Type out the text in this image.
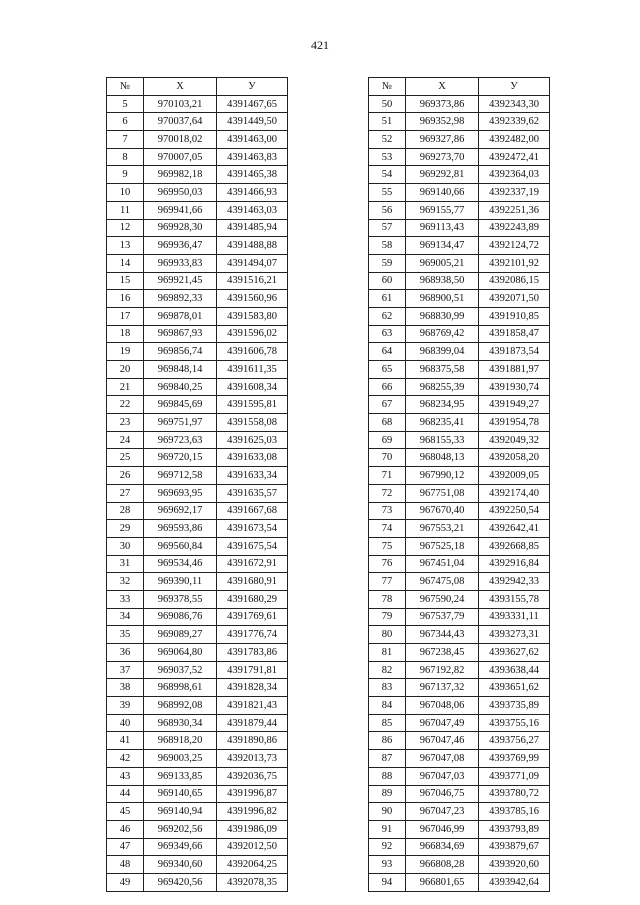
421
№	X	У
5	970103,21	4391467,65
6	970037,64	4391449,50
7	970018,02	4391463,00
8	970007,05	4391463,83
9	969982,18	4391465,38
10	969950,03	4391466,93
11	969941,66	4391463,03
12	969928,30	4391485,94
13	969936,47	4391488,88
14	969933,83	4391494,07
15	969921,45	4391516,21
16	969892,33	4391560,96
17	969878,01	4391583,80
18	969867,93	4391596,02
19	969856,74	4391606,78
20	969848,14	4391611,35
21	969840,25	4391608,34
22	969845,69	4391595,81
23	969751,97	4391558,08
24	969723,63	4391625,03
25	969720,15	4391633,08
26	969712,58	4391633,34
27	969693,95	4391635,57
28	969692,17	4391667,68
29	969593,86	4391673,54
30	969560,84	4391675,54
31	969534,46	4391672,91
32	969390,11	4391680,91
33	969378,55	4391680,29
34	969086,76	4391769,61
35	969089,27	4391776,74
36	969064,80	4391783,86
37	969037,52	4391791,81
38	968998,61	4391828,34
39	968992,08	4391821,43
40	968930,34	4391879,44
41	968918,20	4391890,86
42	969003,25	4392013,73
43	969133,85	4392036,75
44	969140,65	4391996,87
45	969140,94	4391996,82
46	969202,56	4391986,09
47	969349,66	4392012,50
48	969340,60	4392064,25
49	969420,56	4392078,35
№	X	У
50	969373,86	4392343,30
51	969352,98	4392339,62
52	969327,86	4392482,00
53	969273,70	4392472,41
54	969292,81	4392364,03
55	969140,66	4392337,19
56	969155,77	4392251,36
57	969113,43	4392243,89
58	969134,47	4392124,72
59	969005,21	4392101,92
60	968938,50	4392086,15
61	968900,51	4392071,50
62	968830,99	4391910,85
63	968769,42	4391858,47
64	968399,04	4391873,54
65	968375,58	4391881,97
66	968255,39	4391930,74
67	968234,95	4391949,27
68	968235,41	4391954,78
69	968155,33	4392049,32
70	968048,13	4392058,20
71	967990,12	4392009,05
72	967751,08	4392174,40
73	967670,40	4392250,54
74	967553,21	4392642,41
75	967525,18	4392668,85
76	967451,04	4392916,84
77	967475,08	4392942,33
78	967590,24	4393155,78
79	967537,79	4393331,11
80	967344,43	4393273,31
81	967238,45	4393627,62
82	967192,82	4393638,44
83	967137,32	4393651,62
84	967048,06	4393735,89
85	967047,49	4393755,16
86	967047,46	4393756,27
87	967047,08	4393769,99
88	967047,03	4393771,09
89	967046,75	4393780,72
90	967047,23	4393785,16
91	967046,99	4393793,89
92	966834,69	4393879,67
93	966808,28	4393920,60
94	966801,65	4393942,64
